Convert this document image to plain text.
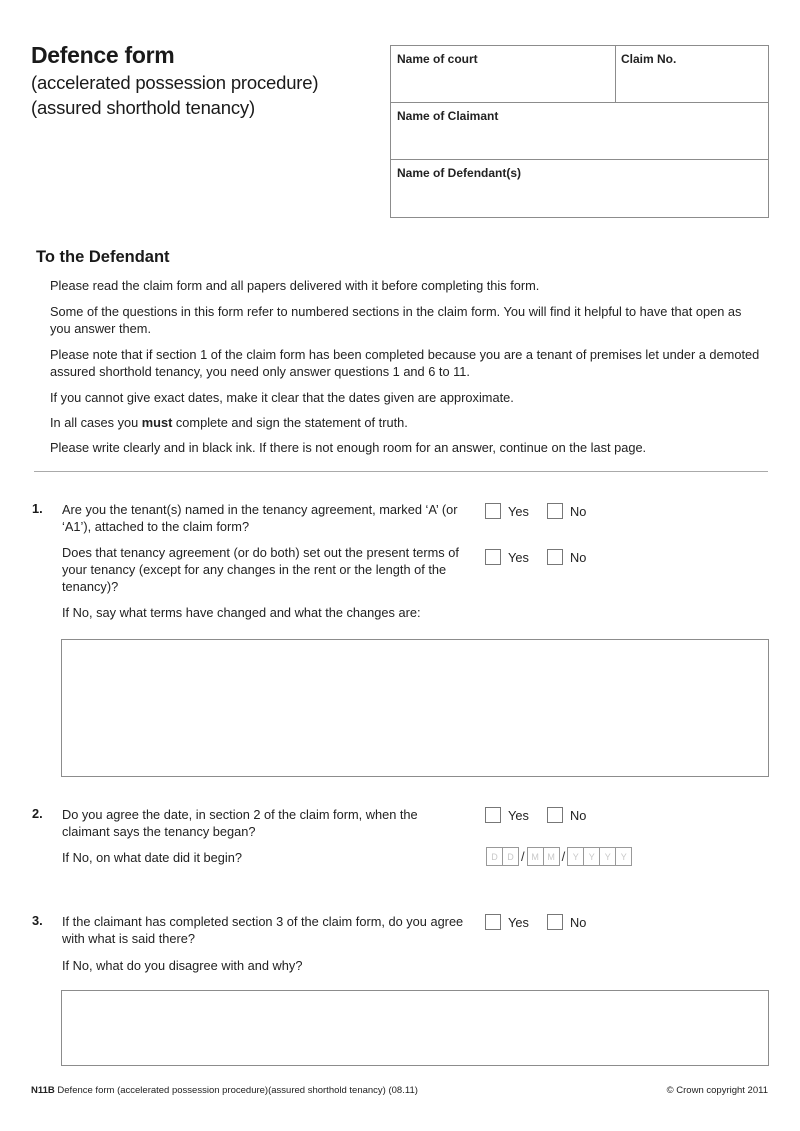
Defence form
(accelerated possession procedure)
(assured shorthold tenancy)
Name of court	Claim No.
Name of Claimant
Name of Defendant(s)
To the Defendant
Please read the claim form and all papers delivered with it before completing this form.
Some of the questions in this form refer to numbered sections in the claim form. You will find it helpful to have that open as you answer them.
Please note that if section 1 of the claim form has been completed because you are a tenant of premises let under a demoted assured shorthold tenancy, you need only answer questions 1 and 6 to 11.
If you cannot give exact dates, make it clear that the dates given are approximate.
In all cases you must complete and sign the statement of truth.
Please write clearly and in black ink. If there is not enough room for an answer, continue on the last page.
1. Are you the tenant(s) named in the tenancy agreement, marked ‘A’ (or ‘A1’), attached to the claim form?
Yes	No
Does that tenancy agreement (or do both) set out the present terms of your tenancy (except for any changes in the rent or the length of the tenancy)?
Yes	No
If No, say what terms have changed and what the changes are:
2. Do you agree the date, in section 2 of the claim form, when the claimant says the tenancy began?
Yes	No
If No, on what date did it begin?	D	D / M M / Y	Y	Y	Y
3. If the claimant has completed section 3 of the claim form, do you agree with what is said there?
Yes	No
If No, what do you disagree with and why?
N11B Defence form (accelerated possession procedure)(assured shorthold tenancy) (08.11)	© Crown copyright 2011
